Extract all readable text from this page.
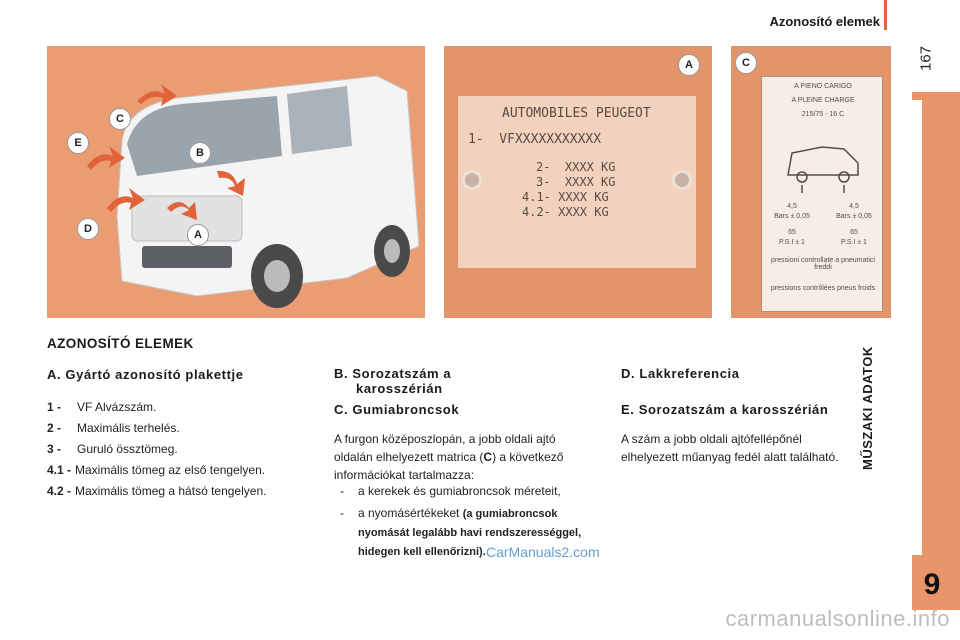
Azonosító elemek
167
MŰSZAKI ADATOK
9
C
E
B
D	A
AUTOMOBILES PEUGEOT
1-  VFXXXXXXXXXXX
2-  XXXX KG
3-  XXXX KG
4.1- XXXX KG
4.2- XXXX KG
A
A PIENO CARIGO
A PLEINE CHARGE
215/75 - 16 C
4,5
Bars ± 0,05
65
P.S.I ± 1
4,5
Bars ± 0,05
65
P.S.I ± 1
pressioni controllate a pneumatici freddi
pressions contrôlées pneus froids
C
AZONOSÍTÓ ELEMEK
A. Gyártó azonosító plakettje
1 -	VF Alvázszám.
2 -	Maximális terhelés.
3 -	Guruló össztömeg.
4.1 - Maximális tömeg az első tengelyen.
4.2 - Maximális tömeg a hátsó tengelyen.
B. Sorozatszám a
karosszérián
C. Gumiabroncsok
A furgon középoszlopán, a jobb oldali ajtó
oldalán elhelyezett matrica (C) a következő
információkat tartalmazza:
-	a kerekek és gumiabroncsok méreteit,
-	a nyomásértékeket (a gumiabroncsok nyomását legalább havi rendszerességgel, hidegen kell ellenőrizni).
D. Lakkreferencia
E. Sorozatszám a karosszérián
A szám a jobb oldali ajtófellépőnél
elhelyezett műanyag fedél alatt található.
CarManuals2.com
carmanualsonline.info
